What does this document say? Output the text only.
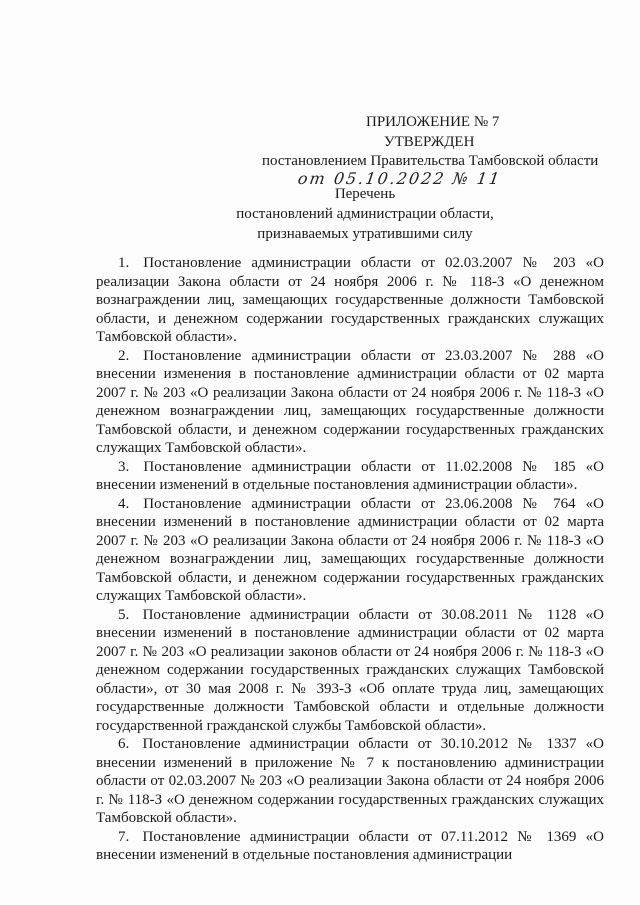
ПРИЛОЖЕНИЕ № 7
УТВЕРЖДЕН
постановлением Правительства Тамбовской области
от 05.10.2022 № 11
Перечень
постановлений администрации области,
признаваемых утратившими силу

1. Постановление администрации области от 02.03.2007 № 203 «О реализации Закона области от 24 ноября 2006 г. № 118-З «О денежном вознаграждении лиц, замещающих государственные должности Тамбовской области, и денежном содержании государственных гражданских служащих Тамбовской области».

2. Постановление администрации области от 23.03.2007 № 288 «О внесении изменения в постановление администрации области от 02 марта 2007 г. № 203 «О реализации Закона области от 24 ноября 2006 г. № 118-З «О денежном вознаграждении лиц, замещающих государственные должности Тамбовской области, и денежном содержании государственных гражданских служащих Тамбовской области».

3. Постановление администрации области от 11.02.2008 № 185 «О внесении изменений в отдельные постановления администрации области».

4. Постановление администрации области от 23.06.2008 № 764 «О внесении изменений в постановление администрации области от 02 марта 2007 г. № 203 «О реализации Закона области от 24 ноября 2006 г. № 118-З «О денежном вознаграждении лиц, замещающих государственные должности Тамбовской области, и денежном содержании государственных гражданских служащих Тамбовской области».

5. Постановление администрации области от 30.08.2011 № 1128 «О внесении изменений в постановление администрации области от 02 марта 2007 г. № 203 «О реализации законов области от 24 ноября 2006 г. № 118-З «О денежном содержании государственных гражданских служащих Тамбовской области», от 30 мая 2008 г. № 393-З «Об оплате труда лиц, замещающих государственные должности Тамбовской области и отдельные должности государственной гражданской службы Тамбовской области».

6. Постановление администрации области от 30.10.2012 № 1337 «О внесении изменений в приложение № 7 к постановлению администрации области от 02.03.2007 № 203 «О реализации Закона области от 24 ноября 2006 г. № 118-З «О денежном содержании государственных гражданских служащих Тамбовской области».

7. Постановление администрации области от 07.11.2012 № 1369 «О внесении изменений в отдельные постановления администрации
